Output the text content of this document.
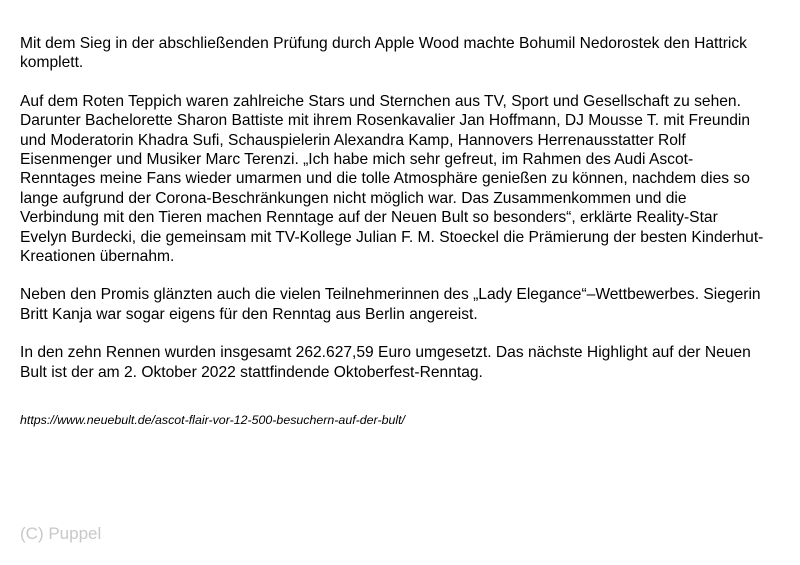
Mit dem Sieg in der abschließenden Prüfung durch Apple Wood machte Bohumil Nedorostek den Hattrick komplett.

Auf dem Roten Teppich waren zahlreiche Stars und Sternchen aus TV, Sport und Gesellschaft zu sehen. Darunter Bachelorette Sharon Battiste mit ihrem Rosenkavalier Jan Hoffmann, DJ Mousse T. mit Freundin und Moderatorin Khadra Sufi, Schauspielerin Alexandra Kamp, Hannovers Herrenausstatter Rolf Eisenmenger und Musiker Marc Terenzi. „Ich habe mich sehr gefreut, im Rahmen des Audi Ascot-Renntages meine Fans wieder umarmen und die tolle Atmosphäre genießen zu können, nachdem dies so lange aufgrund der Corona-Beschränkungen nicht möglich war. Das Zusammenkommen und die Verbindung mit den Tieren machen Renntage auf der Neuen Bult so besonders“, erklärte Reality-Star Evelyn Burdecki, die gemeinsam mit TV-Kollege Julian F. M. Stoeckel die Prämierung der besten Kinderhut-Kreationen übernahm.

Neben den Promis glänzten auch die vielen Teilnehmerinnen des „Lady Elegance“–Wettbewerbes. Siegerin Britt Kanja war sogar eigens für den Renntag aus Berlin angereist.

In den zehn Rennen wurden insgesamt 262.627,59 Euro umgesetzt. Das nächste Highlight auf der Neuen Bult ist der am 2. Oktober 2022 stattfindende Oktoberfest-Renntag.

https://www.neuebult.de/ascot-flair-vor-12-500-besuchern-auf-der-bult/
(C) Puppel
